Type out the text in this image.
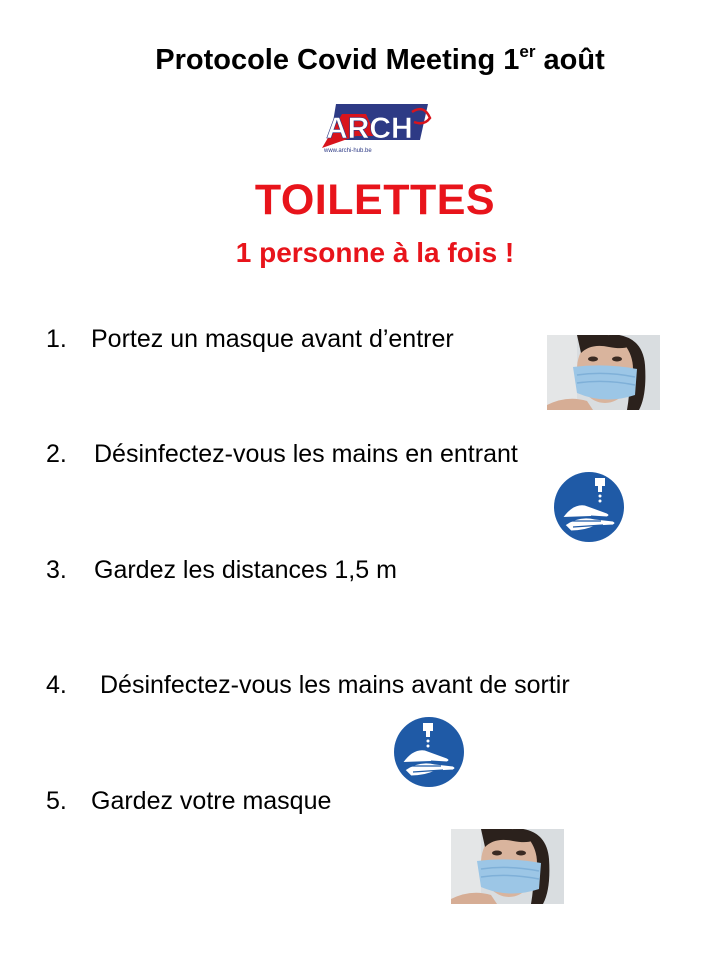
Protocole Covid Meeting 1er août
ARCH
www.archi-hub.be
TOILETTES
1 personne à la fois !
1. Portez un masque avant d’entrer
2. Désinfectez-vous les mains en entrant
3. Gardez les distances 1,5 m
4. Désinfectez-vous les mains avant de sortir
5. Gardez votre masque
